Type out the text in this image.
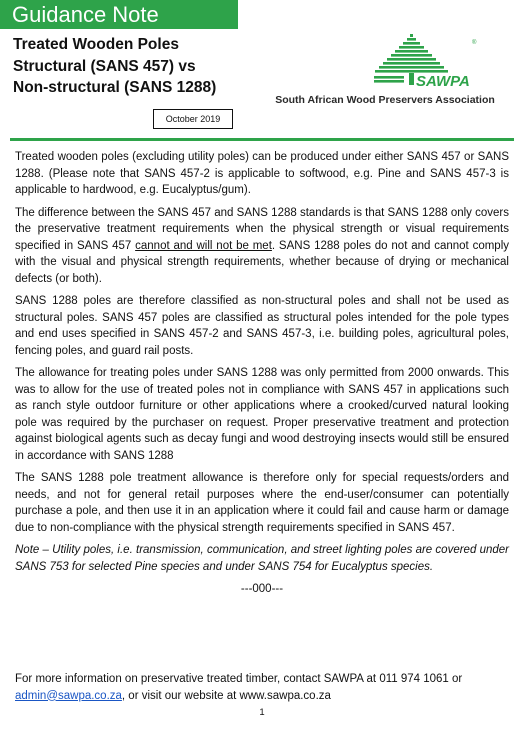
Guidance Note
Treated Wooden Poles
Structural (SANS 457) vs
Non-structural (SANS 1288)
October 2019
SAWPA
®
South African Wood Preservers Association

Treated wooden poles (excluding utility poles) can be produced under either SANS 457 or SANS 1288. (Please note that SANS 457-2 is applicable to softwood, e.g. Pine and SANS 457-3 is applicable to hardwood, e.g. Eucalyptus/gum).

The difference between the SANS 457 and SANS 1288 standards is that SANS 1288 only covers the preservative treatment requirements when the physical strength or visual requirements specified in SANS 457 cannot and will not be met. SANS 1288 poles do not and cannot comply with the visual and physical strength requirements, whether because of drying or mechanical defects (or both).

SANS 1288 poles are therefore classified as non-structural poles and shall not be used as structural poles. SANS 457 poles are classified as structural poles intended for the pole types and end uses specified in SANS 457-2 and SANS 457-3, i.e. building poles, agricultural poles, fencing poles, and guard rail posts.

The allowance for treating poles under SANS 1288 was only permitted from 2000 onwards. This was to allow for the use of treated poles not in compliance with SANS 457 in applications such as ranch style outdoor furniture or other applications where a crooked/curved natural looking pole was required by the purchaser on request. Proper preservative treatment and protection against biological agents such as decay fungi and wood destroying insects would still be ensured in accordance with SANS 1288

The SANS 1288 pole treatment allowance is therefore only for special requests/orders and needs, and not for general retail purposes where the end-user/consumer can potentially purchase a pole, and then use it in an application where it could fail and cause harm or damage due to non-compliance with the physical strength requirements specified in SANS 457.

Note – Utility poles, i.e. transmission, communication, and street lighting poles are covered under SANS 753 for selected Pine species and under SANS 754 for Eucalyptus species.

---000---

For more information on preservative treated timber, contact SAWPA at 011 974 1061 or
admin@sawpa.co.za, or visit our website at www.sawpa.co.za
1
